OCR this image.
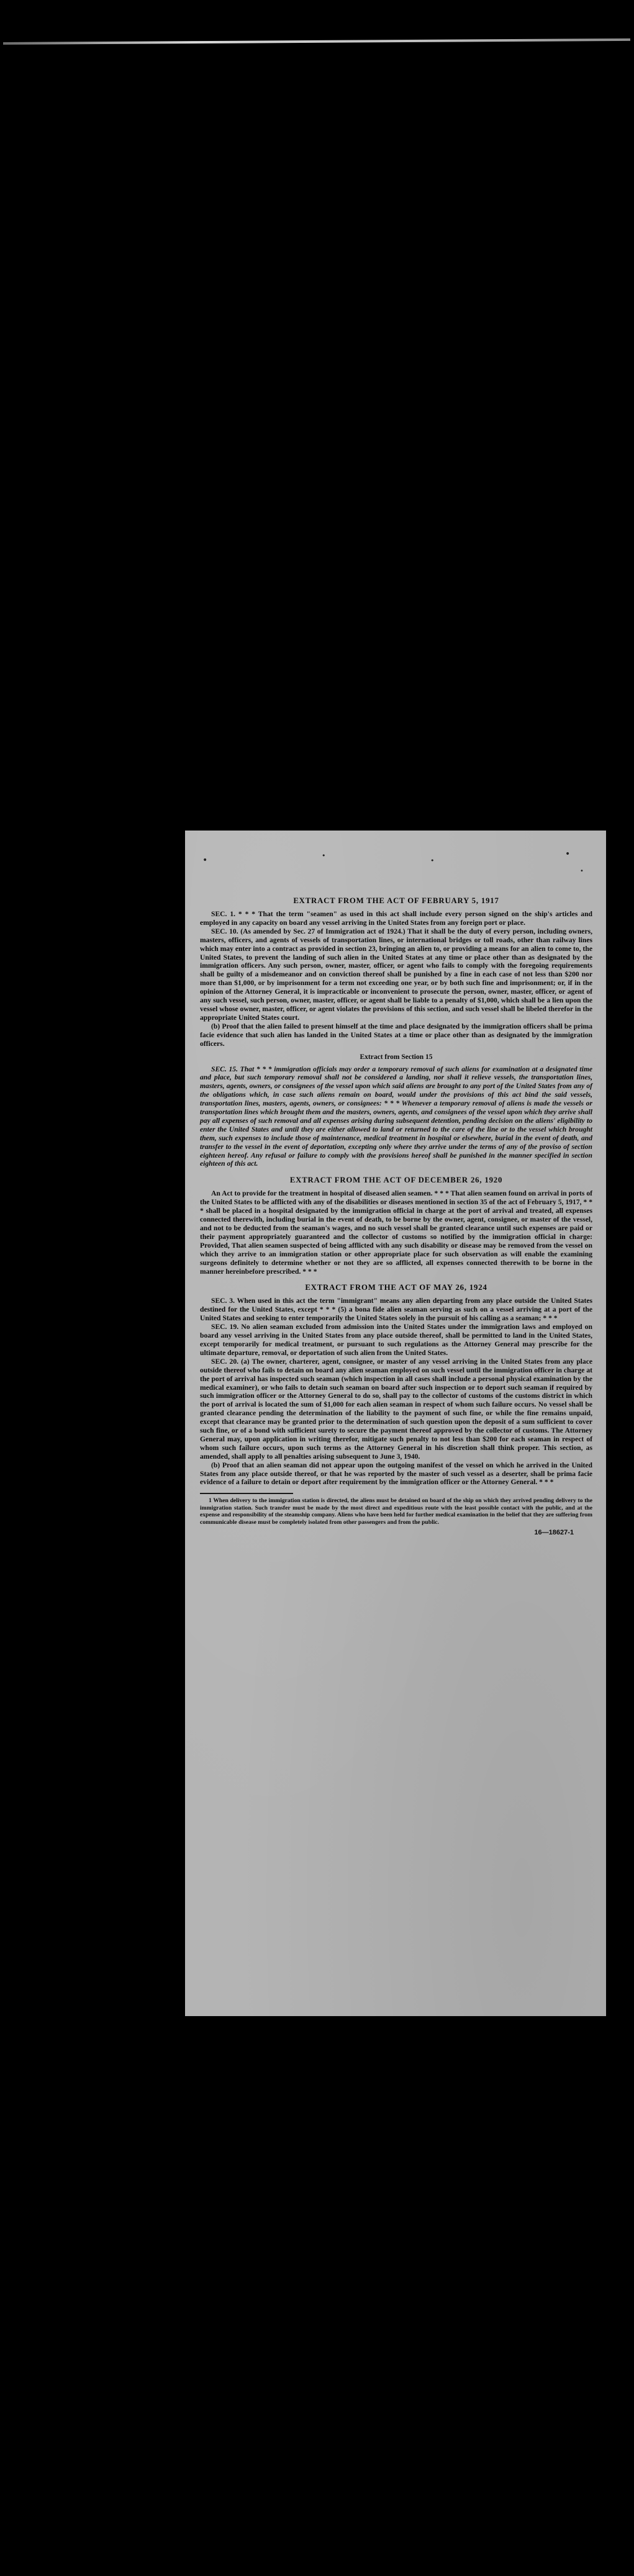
•	•
•
•
•
EXTRACT FROM THE ACT OF FEBRUARY 5, 1917

SEC. 1. * * * That the term "seamen" as used in this act shall include every person signed on the ship's articles and employed in any capacity on board any vessel arriving in the United States from any foreign port or place.

SEC. 10. (As amended by Sec. 27 of Immigration act of 1924.) That it shall be the duty of every person, including owners, masters, officers, and agents of vessels of transportation lines, or international bridges or toll roads, other than railway lines which may enter into a contract as provided in section 23, bringing an alien to, or providing a means for an alien to come to, the United States, to prevent the landing of such alien in the United States at any time or place other than as designated by the immigration officers. Any such person, owner, master, officer, or agent who fails to comply with the foregoing requirements shall be guilty of a misdemeanor and on conviction thereof shall be punished by a fine in each case of not less than $200 nor more than $1,000, or by imprisonment for a term not exceeding one year, or by both such fine and imprisonment; or, if in the opinion of the Attorney General, it is impracticable or inconvenient to prosecute the person, owner, master, officer, or agent of any such vessel, such person, owner, master, officer, or agent shall be liable to a penalty of $1,000, which shall be a lien upon the vessel whose owner, master, officer, or agent violates the provisions of this section, and such vessel shall be libeled therefor in the appropriate United States court.

(b) Proof that the alien failed to present himself at the time and place designated by the immigration officers shall be prima facie evidence that such alien has landed in the United States at a time or place other than as designated by the immigration officers.

Extract from Section 15

SEC. 15. That * * * immigration officials may order a temporary removal of such aliens for examination at a designated time and place, but such temporary removal shall not be considered a landing, nor shall it relieve vessels, the transportation lines, masters, agents, owners, or consignees of the vessel upon which said aliens are brought to any port of the United States from any of the obligations which, in case such aliens remain on board, would under the provisions of this act bind the said vessels, transportation lines, masters, agents, owners, or consignees: * * * Whenever a temporary removal of aliens is made the vessels or transportation lines which brought them and the masters, owners, agents, and consignees of the vessel upon which they arrive shall pay all expenses of such removal and all expenses arising during subsequent detention, pending decision on the aliens' eligibility to enter the United States and until they are either allowed to land or returned to the care of the line or to the vessel which brought them, such expenses to include those of maintenance, medical treatment in hospital or elsewhere, burial in the event of death, and transfer to the vessel in the event of deportation, excepting only where they arrive under the terms of any of the proviso of section eighteen hereof. Any refusal or failure to comply with the provisions hereof shall be punished in the manner specified in section eighteen of this act.

EXTRACT FROM THE ACT OF DECEMBER 26, 1920

An Act to provide for the treatment in hospital of diseased alien seamen. * * * That alien seamen found on arrival in ports of the United States to be afflicted with any of the disabilities or diseases mentioned in section 35 of the act of February 5, 1917, * * * shall be placed in a hospital designated by the immigration official in charge at the port of arrival and treated, all expenses connected therewith, including burial in the event of death, to be borne by the owner, agent, consignee, or master of the vessel, and not to be deducted from the seaman's wages, and no such vessel shall be granted clearance until such expenses are paid or their payment appropriately guaranteed and the collector of customs so notified by the immigration official in charge: Provided, That alien seamen suspected of being afflicted with any such disability or disease may be removed from the vessel on which they arrive to an immigration station or other appropriate place for such observation as will enable the examining surgeons definitely to determine whether or not they are so afflicted, all expenses connected therewith to be borne in the manner hereinbefore prescribed. * * *

EXTRACT FROM THE ACT OF MAY 26, 1924

SEC. 3. When used in this act the term "immigrant" means any alien departing from any place outside the United States destined for the United States, except * * * (5) a bona fide alien seaman serving as such on a vessel arriving at a port of the United States and seeking to enter temporarily the United States solely in the pursuit of his calling as a seaman; * * *

SEC. 19. No alien seaman excluded from admission into the United States under the immigration laws and employed on board any vessel arriving in the United States from any place outside thereof, shall be permitted to land in the United States, except temporarily for medical treatment, or pursuant to such regulations as the Attorney General may prescribe for the ultimate departure, removal, or deportation of such alien from the United States.

SEC. 20. (a) The owner, charterer, agent, consignee, or master of any vessel arriving in the United States from any place outside thereof who fails to detain on board any alien seaman employed on such vessel until the immigration officer in charge at the port of arrival has inspected such seaman (which inspection in all cases shall include a personal physical examination by the medical examiner), or who fails to detain such seaman on board after such inspection or to deport such seaman if required by such immigration officer or the Attorney General to do so, shall pay to the collector of customs of the customs district in which the port of arrival is located the sum of $1,000 for each alien seaman in respect of whom such failure occurs. No vessel shall be granted clearance pending the determination of the liability to the payment of such fine, or while the fine remains unpaid, except that clearance may be granted prior to the determination of such question upon the deposit of a sum sufficient to cover such fine, or of a bond with sufficient surety to secure the payment thereof approved by the collector of customs. The Attorney General may, upon application in writing therefor, mitigate such penalty to not less than $200 for each seaman in respect of whom such failure occurs, upon such terms as the Attorney General in his discretion shall think proper. This section, as amended, shall apply to all penalties arising subsequent to June 3, 1940.

(b) Proof that an alien seaman did not appear upon the outgoing manifest of the vessel on which he arrived in the United States from any place outside thereof, or that he was reported by the master of such vessel as a deserter, shall be prima facie evidence of a failure to detain or deport after requirement by the immigration officer or the Attorney General. * * *

1 When delivery to the immigration station is directed, the aliens must be detained on board of the ship on which they arrived pending delivery to the immigration station. Such transfer must be made by the most direct and expeditious route with the least possible contact with the public, and at the expense and responsibility of the steamship company. Aliens who have been held for further medical examination in the belief that they are suffering from communicable disease must be completely isolated from other passengers and from the public.

16—18627-1
